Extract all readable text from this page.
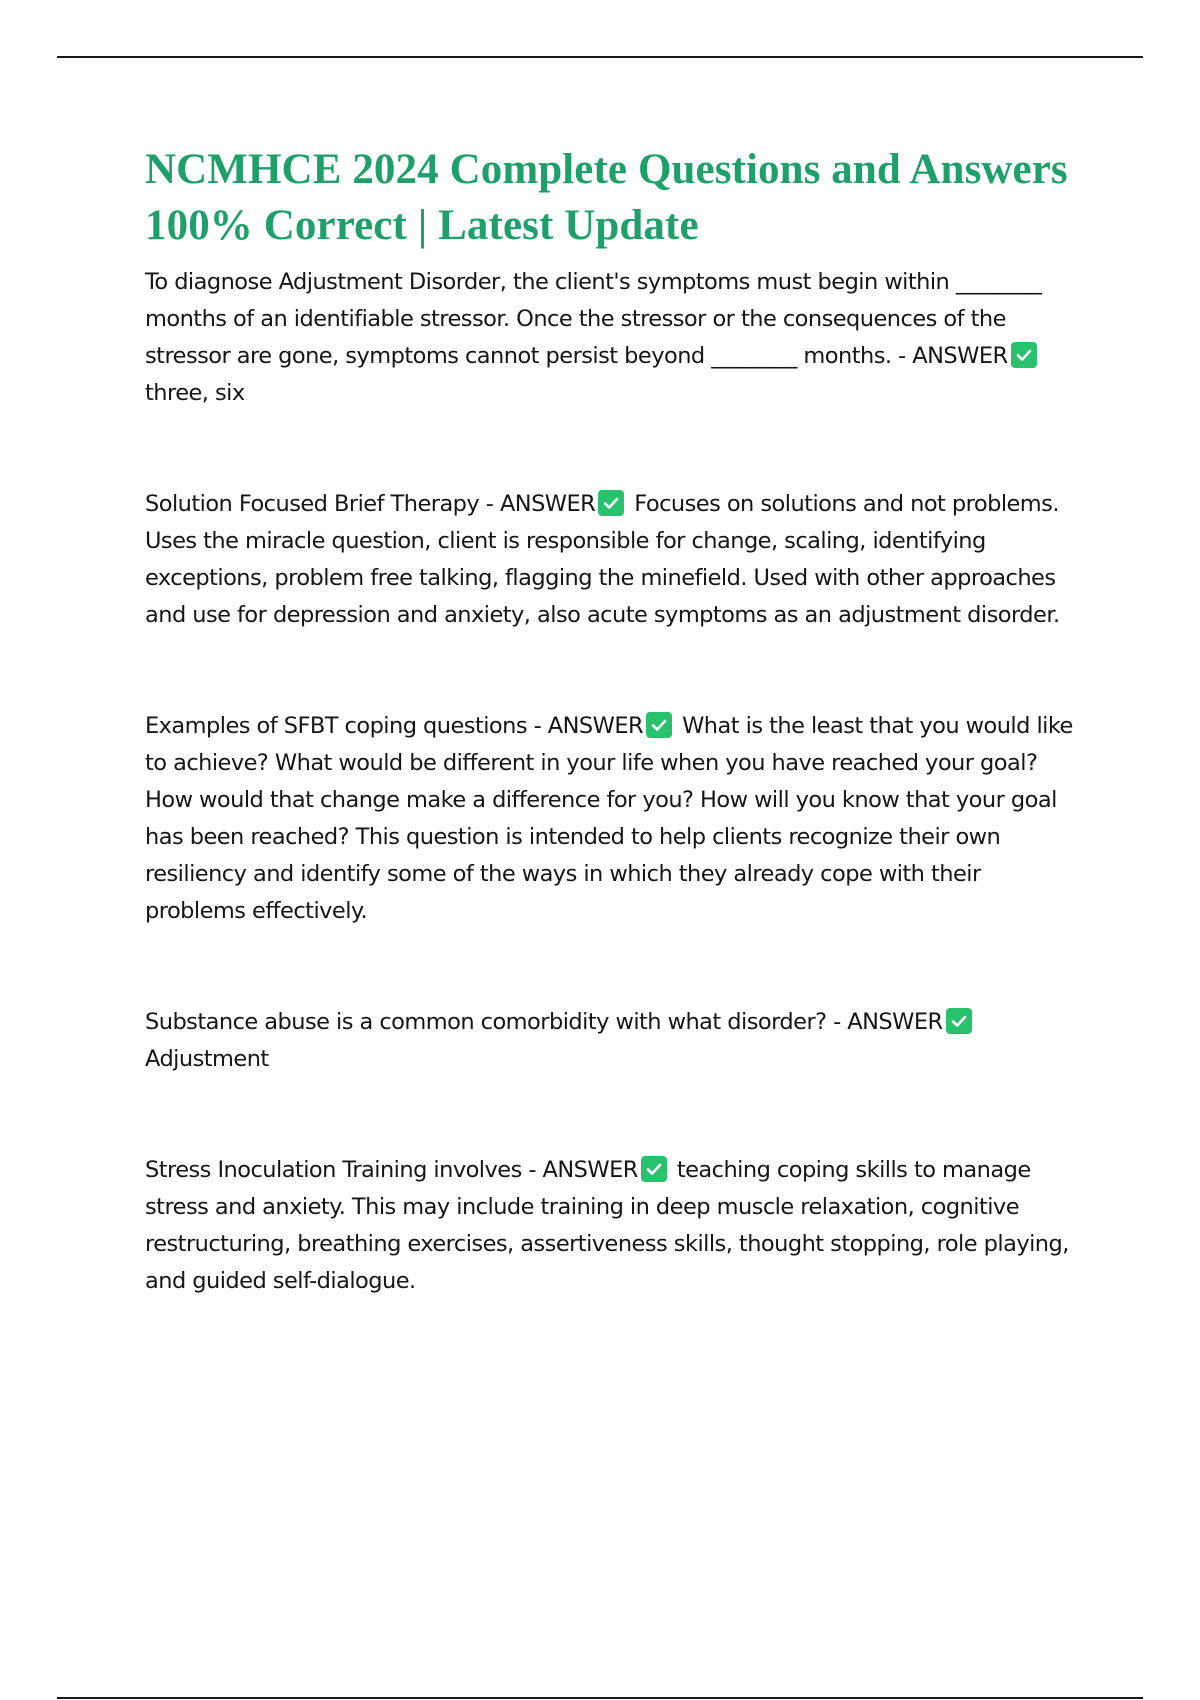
NCMHCE 2024 Complete Questions and Answers 100% Correct | Latest Update

To diagnose Adjustment Disorder, the client's symptoms must begin within ________ months of an identifiable stressor. Once the stressor or the consequences of the stressor are gone, symptoms cannot persist beyond ________ months. - ANSWER
three, six

Solution Focused Brief Therapy - ANSWER Focuses on solutions and not problems. Uses the miracle question, client is responsible for change, scaling, identifying exceptions, problem free talking, flagging the minefield. Used with other approaches and use for depression and anxiety, also acute symptoms as an adjustment disorder.

Examples of SFBT coping questions - ANSWER What is the least that you would like to achieve? What would be different in your life when you have reached your goal? How would that change make a difference for you? How will you know that your goal has been reached? This question is intended to help clients recognize their own resiliency and identify some of the ways in which they already cope with their problems effectively.

Substance abuse is a common comorbidity with what disorder? - ANSWER
Adjustment

Stress Inoculation Training involves - ANSWER teaching coping skills to manage stress and anxiety. This may include training in deep muscle relaxation, cognitive restructuring, breathing exercises, assertiveness skills, thought stopping, role playing, and guided self-dialogue.
